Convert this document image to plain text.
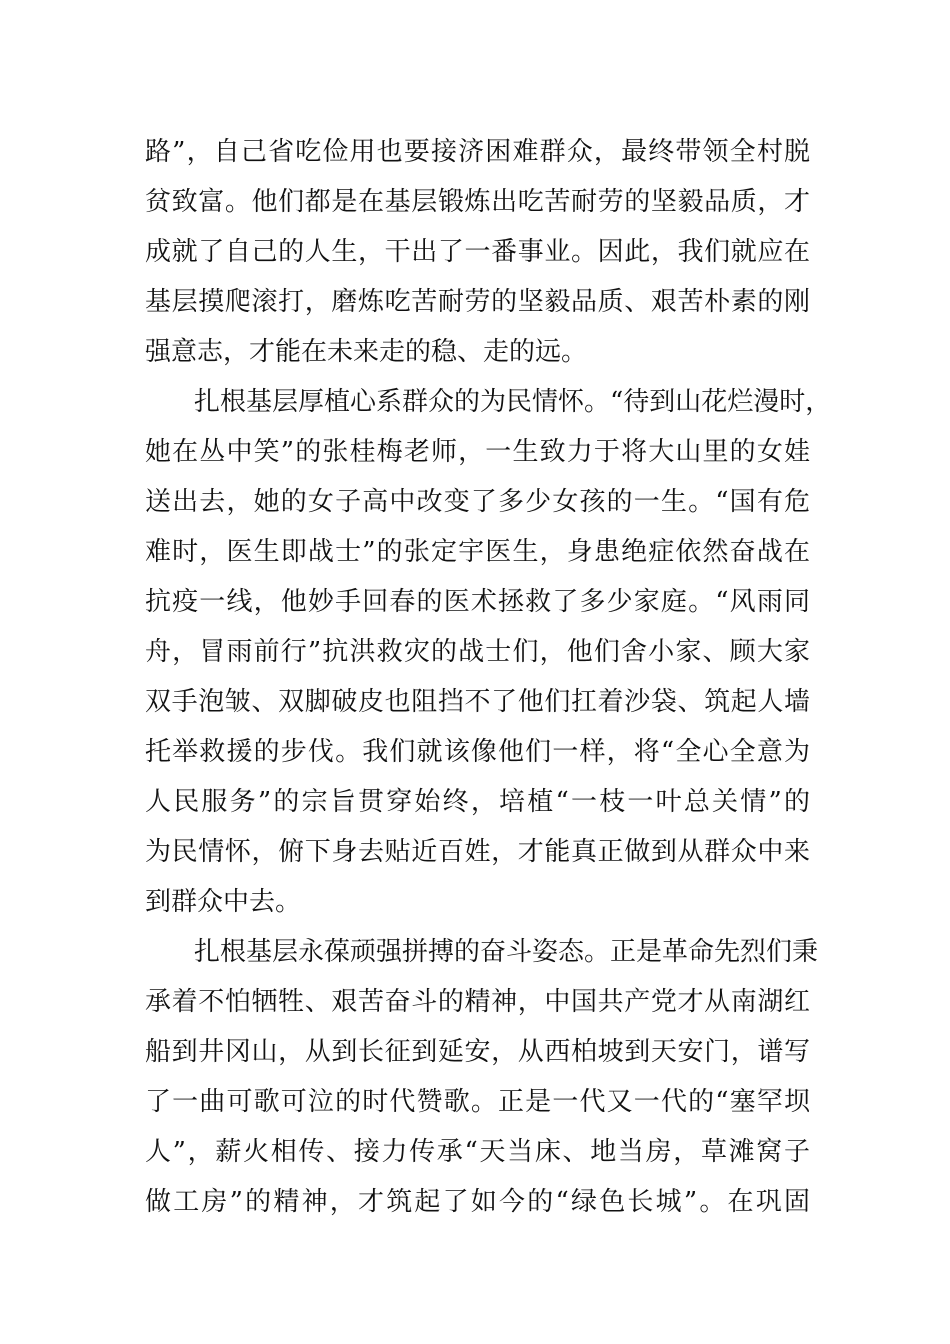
路”，自己省吃俭用也要接济困难群众，最终带领全村脱
贫致富。他们都是在基层锻炼出吃苦耐劳的坚毅品质，才
成就了自己的人生，干出了一番事业。因此，我们就应在
基层摸爬滚打，磨炼吃苦耐劳的坚毅品质、艰苦朴素的刚
强意志，才能在未来走的稳、走的远。
扎根基层厚植心系群众的为民情怀。“待到山花烂漫时，
她在丛中笑”的张桂梅老师，一生致力于将大山里的女娃
送出去，她的女子高中改变了多少女孩的一生。“国有危
难时，医生即战士”的张定宇医生，身患绝症依然奋战在
抗疫一线，他妙手回春的医术拯救了多少家庭。“风雨同
舟，冒雨前行”抗洪救灾的战士们，他们舍小家、顾大家
双手泡皱、双脚破皮也阻挡不了他们扛着沙袋、筑起人墙
托举救援的步伐。我们就该像他们一样，将“全心全意为
人民服务”的宗旨贯穿始终，培植“一枝一叶总关情”的
为民情怀，俯下身去贴近百姓，才能真正做到从群众中来
到群众中去。
扎根基层永葆顽强拼搏的奋斗姿态。正是革命先烈们秉
承着不怕牺牲、艰苦奋斗的精神，中国共产党才从南湖红
船到井冈山，从到长征到延安，从西柏坡到天安门，谱写
了一曲可歌可泣的时代赞歌。正是一代又一代的“塞罕坝
人”，薪火相传、接力传承“天当床、地当房，草滩窝子
做工房”的精神，才筑起了如今的“绿色长城”。在巩固
